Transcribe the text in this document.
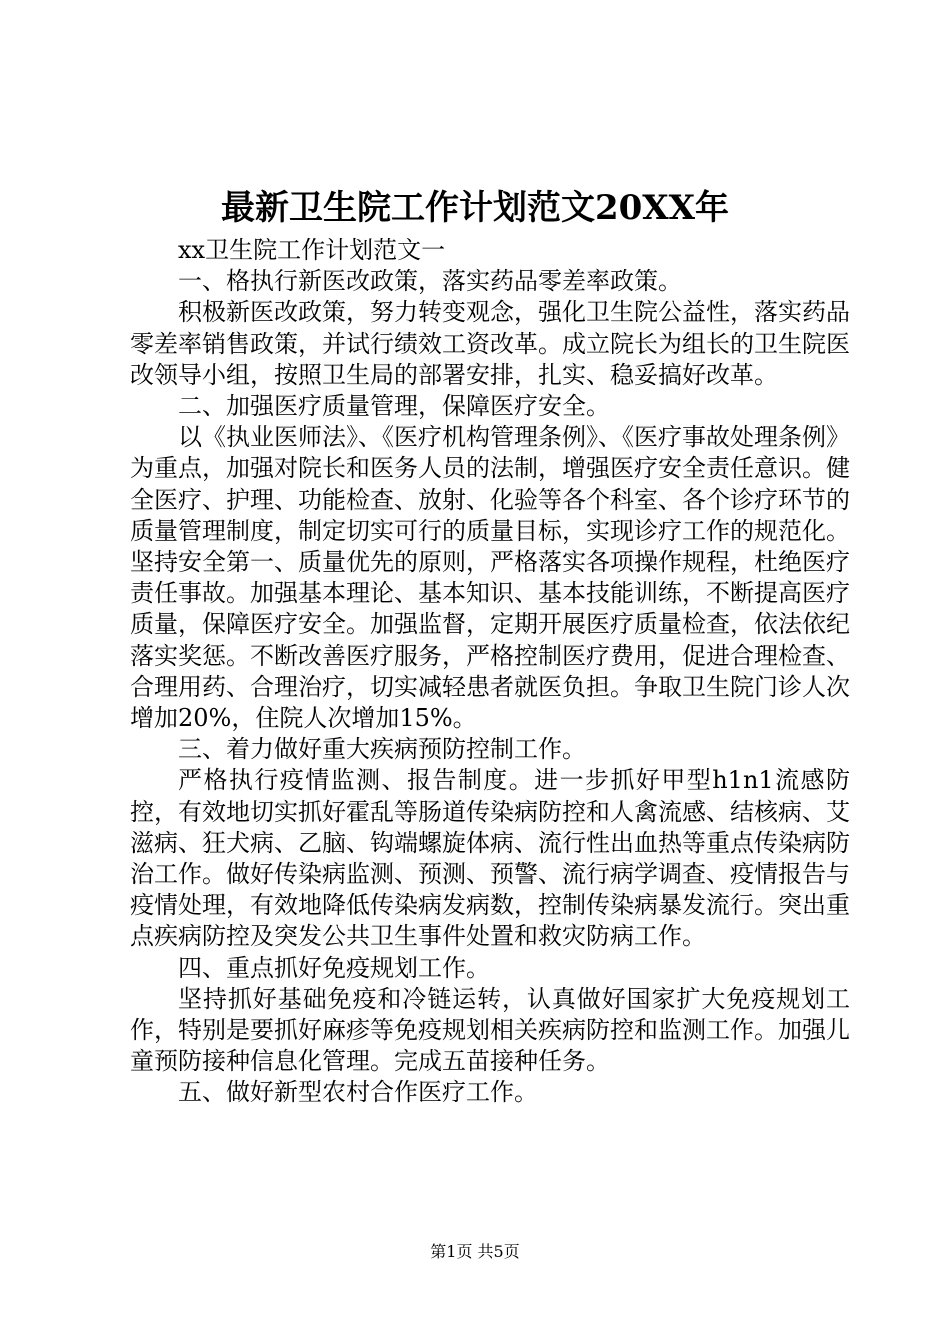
最新卫生院工作计划范文20XX年

xx卫生院工作计划范文一

一、格执行新医改政策，落实药品零差率政策。

积极新医改政策，努力转变观念，强化卫生院公益性，落实药品零差率销售政策，并试行绩效工资改革。成立院长为组长的卫生院医改领导小组，按照卫生局的部署安排，扎实、稳妥搞好改革。

二、加强医疗质量管理，保障医疗安全。

以《执业医师法》、《医疗机构管理条例》、《医疗事故处理条例》为重点，加强对院长和医务人员的法制，增强医疗安全责任意识。健全医疗、护理、功能检查、放射、化验等各个科室、各个诊疗环节的质量管理制度，制定切实可行的质量目标，实现诊疗工作的规范化。坚持安全第一、质量优先的原则，严格落实各项操作规程，杜绝医疗责任事故。加强基本理论、基本知识、基本技能训练，不断提高医疗质量，保障医疗安全。加强监督，定期开展医疗质量检查，依法依纪落实奖惩。不断改善医疗服务，严格控制医疗费用，促进合理检查、合理用药、合理治疗，切实减轻患者就医负担。争取卫生院门诊人次增加20%，住院人次增加15%。

三、着力做好重大疾病预防控制工作。

严格执行疫情监测、报告制度。进一步抓好甲型h1n1流感防控，有效地切实抓好霍乱等肠道传染病防控和人禽流感、结核病、艾滋病、狂犬病、乙脑、钩端螺旋体病、流行性出血热等重点传染病防治工作。做好传染病监测、预测、预警、流行病学调查、疫情报告与疫情处理，有效地降低传染病发病数，控制传染病暴发流行。突出重点疾病防控及突发公共卫生事件处置和救灾防病工作。

四、重点抓好免疫规划工作。

坚持抓好基础免疫和冷链运转，认真做好国家扩大免疫规划工作，特别是要抓好麻疹等免疫规划相关疾病防控和监测工作。加强儿童预防接种信息化管理。完成五苗接种任务。

五、做好新型农村合作医疗工作。

第1页 共5页
